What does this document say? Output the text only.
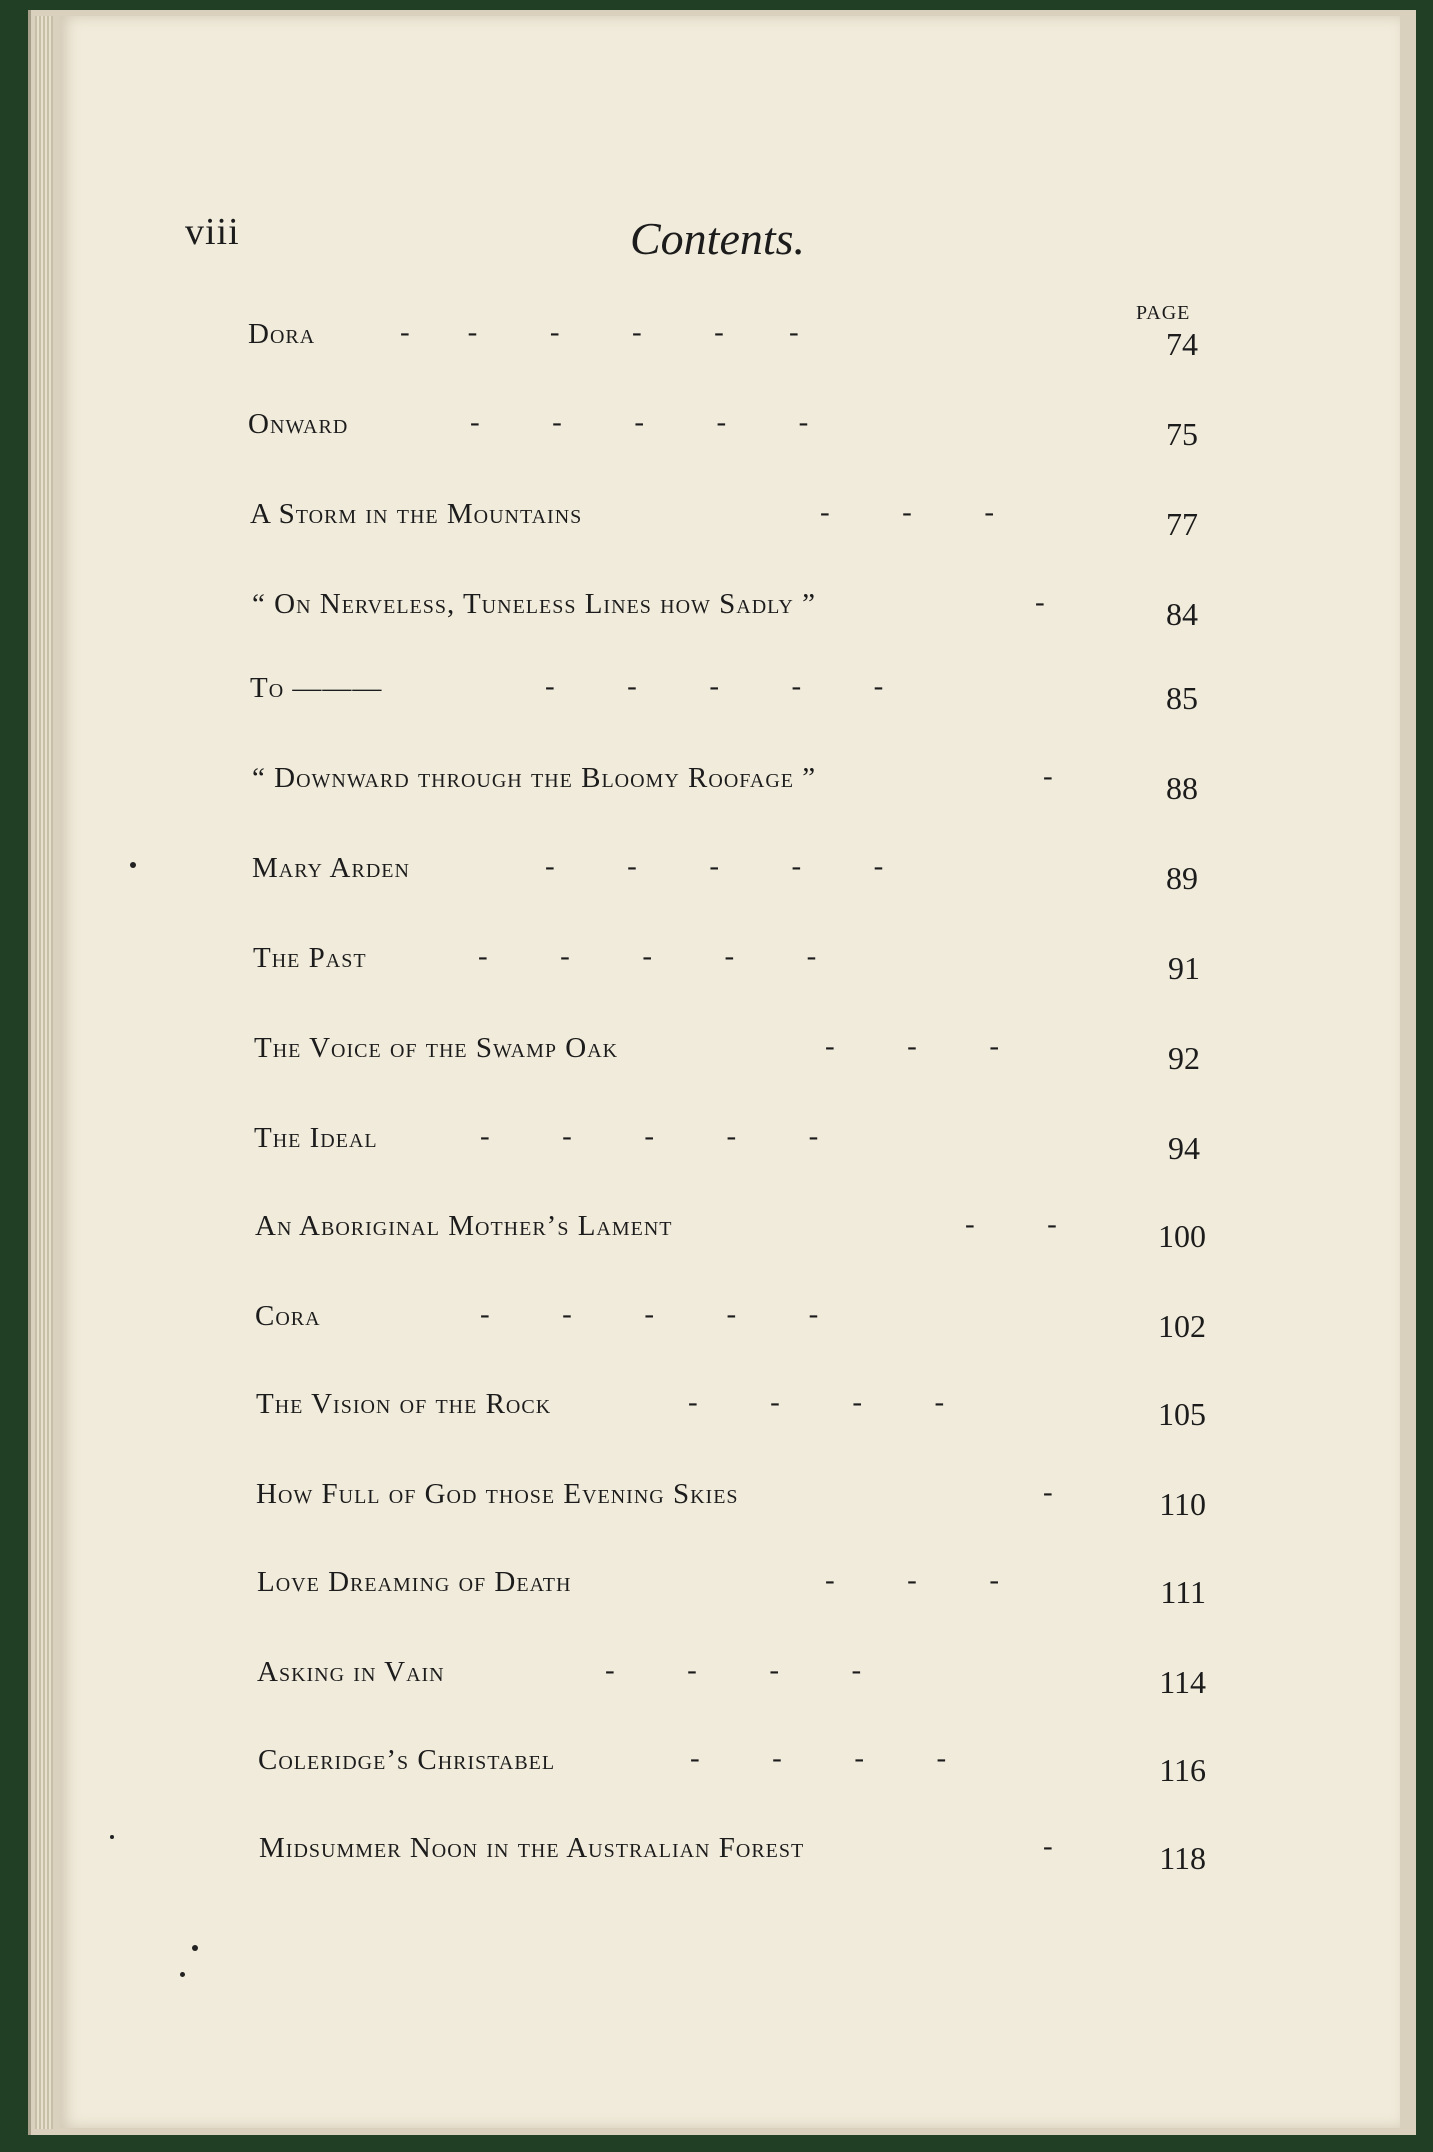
viii	Contents.
PAGE
Dora	-        -          -          -          -         -	74
Onward	-          -          -          -          -	75
A Storm in the Mountains	-          -          -	77
“ On Nerveless, Tuneless Lines how Sadly ”	-	84
To ———	-          -          -          -          -	85
“ Downward through the Bloomy Roofage ”	-	88
Mary Arden	-          -          -          -          -	89
The Past	-          -          -          -          -	91
The Voice of the Swamp Oak	-          -          -	92
The Ideal	-          -          -          -          -	94
An Aboriginal Mother’s Lament	-          -	100
Cora	-          -          -          -          -	102
The Vision of the Rock	-          -          -          -	105
How Full of God those Evening Skies	-	110
Love Dreaming of Death	-          -          -	111
Asking in Vain	-          -          -          -	114
Coleridge’s Christabel	-          -          -          -	116
Midsummer Noon in the Australian Forest	-	118
